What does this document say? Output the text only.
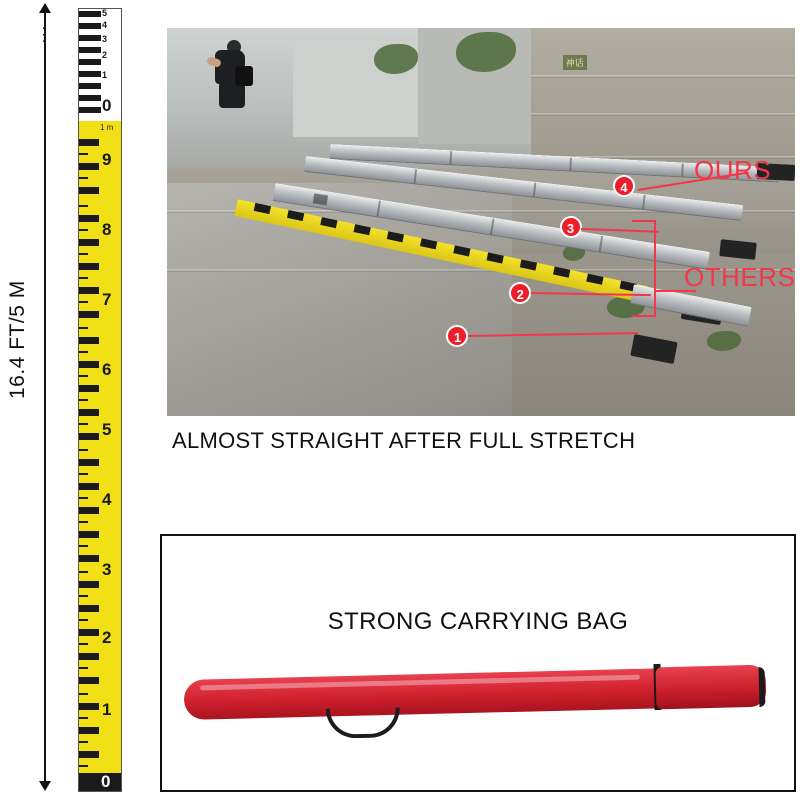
16.4 FT/5 M
...
5
4
3
2
1
0
1 m
9
8
7
6
5
4
3
2
1
0
神话
4
3
2
1
OURS
OTHERS
ALMOST STRAIGHT AFTER FULL STRETCH
STRONG CARRYING BAG
